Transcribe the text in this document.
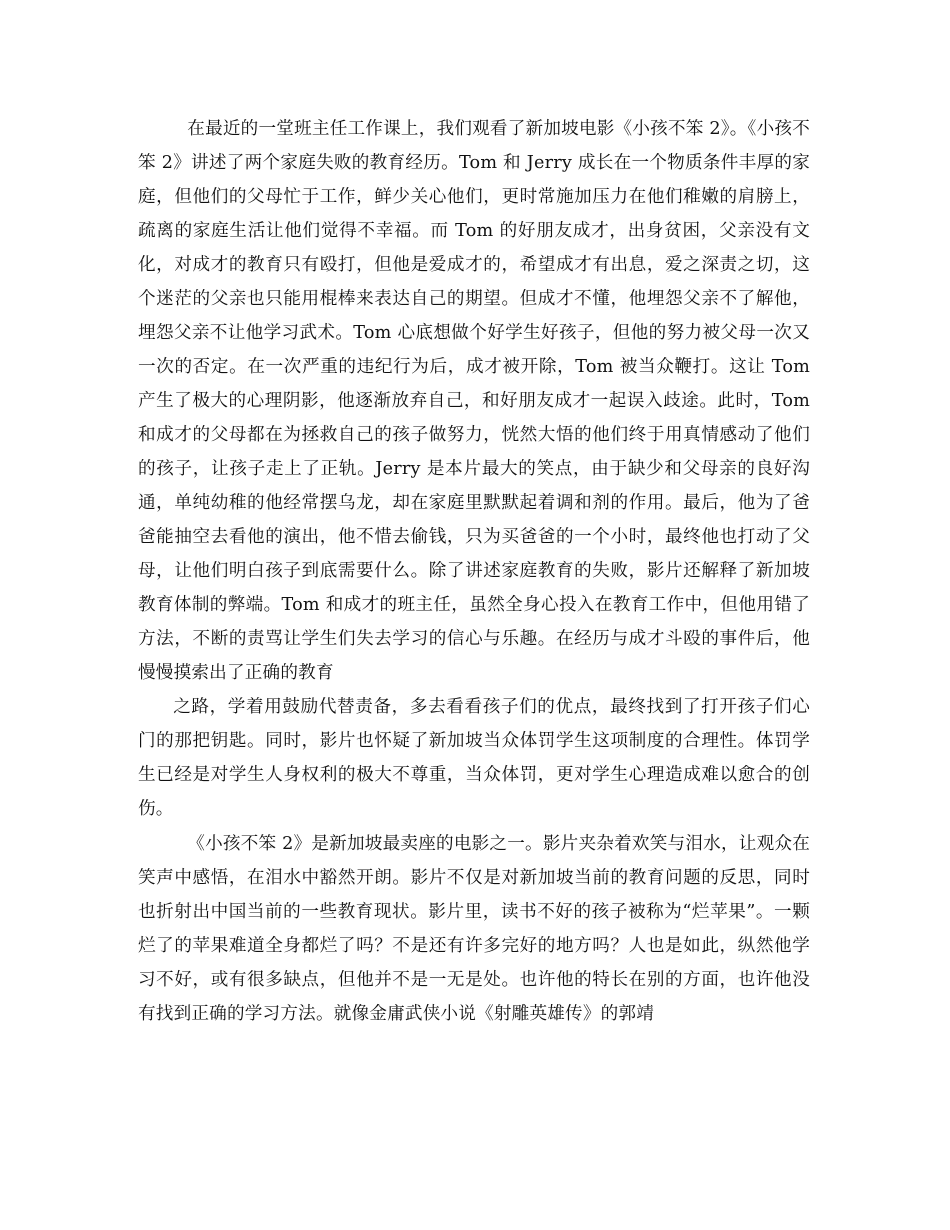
在最近的一堂班主任工作课上，我们观看了新加坡电影《小孩不笨 2》。《小孩不笨 2》讲述了两个家庭失败的教育经历。Tom 和 Jerry 成长在一个物质条件丰厚的家庭，但他们的父母忙于工作，鲜少关心他们，更时常施加压力在他们稚嫩的肩膀上，疏离的家庭生活让他们觉得不幸福。而 Tom 的好朋友成才，出身贫困，父亲没有文化，对成才的教育只有殴打，但他是爱成才的，希望成才有出息，爱之深责之切，这个迷茫的父亲也只能用棍棒来表达自己的期望。但成才不懂，他埋怨父亲不了解他，埋怨父亲不让他学习武术。Tom 心底想做个好学生好孩子，但他的努力被父母一次又一次的否定。在一次严重的违纪行为后，成才被开除，Tom 被当众鞭打。这让 Tom 产生了极大的心理阴影，他逐渐放弃自己，和好朋友成才一起误入歧途。此时，Tom 和成才的父母都在为拯救自己的孩子做努力，恍然大悟的他们终于用真情感动了他们的孩子，让孩子走上了正轨。Jerry 是本片最大的笑点，由于缺少和父母亲的良好沟通，单纯幼稚的他经常摆乌龙，却在家庭里默默起着调和剂的作用。最后，他为了爸爸能抽空去看他的演出，他不惜去偷钱，只为买爸爸的一个小时，最终他也打动了父母，让他们明白孩子到底需要什么。除了讲述家庭教育的失败，影片还解释了新加坡教育体制的弊端。Tom 和成才的班主任，虽然全身心投入在教育工作中，但他用错了方法，不断的责骂让学生们失去学习的信心与乐趣。在经历与成才斗殴的事件后，他慢慢摸索出了正确的教育

之路，学着用鼓励代替责备，多去看看孩子们的优点，最终找到了打开孩子们心门的那把钥匙。同时，影片也怀疑了新加坡当众体罚学生这项制度的合理性。体罚学生已经是对学生人身权利的极大不尊重，当众体罚，更对学生心理造成难以愈合的创伤。

《小孩不笨 2》是新加坡最卖座的电影之一。影片夹杂着欢笑与泪水，让观众在笑声中感悟，在泪水中豁然开朗。影片不仅是对新加坡当前的教育问题的反思，同时也折射出中国当前的一些教育现状。影片里，读书不好的孩子被称为“烂苹果”。一颗烂了的苹果难道全身都烂了吗？不是还有许多完好的地方吗？人也是如此，纵然他学习不好，或有很多缺点，但他并不是一无是处。也许他的特长在别的方面，也许他没有找到正确的学习方法。就像金庸武侠小说《射雕英雄传》的郭靖
